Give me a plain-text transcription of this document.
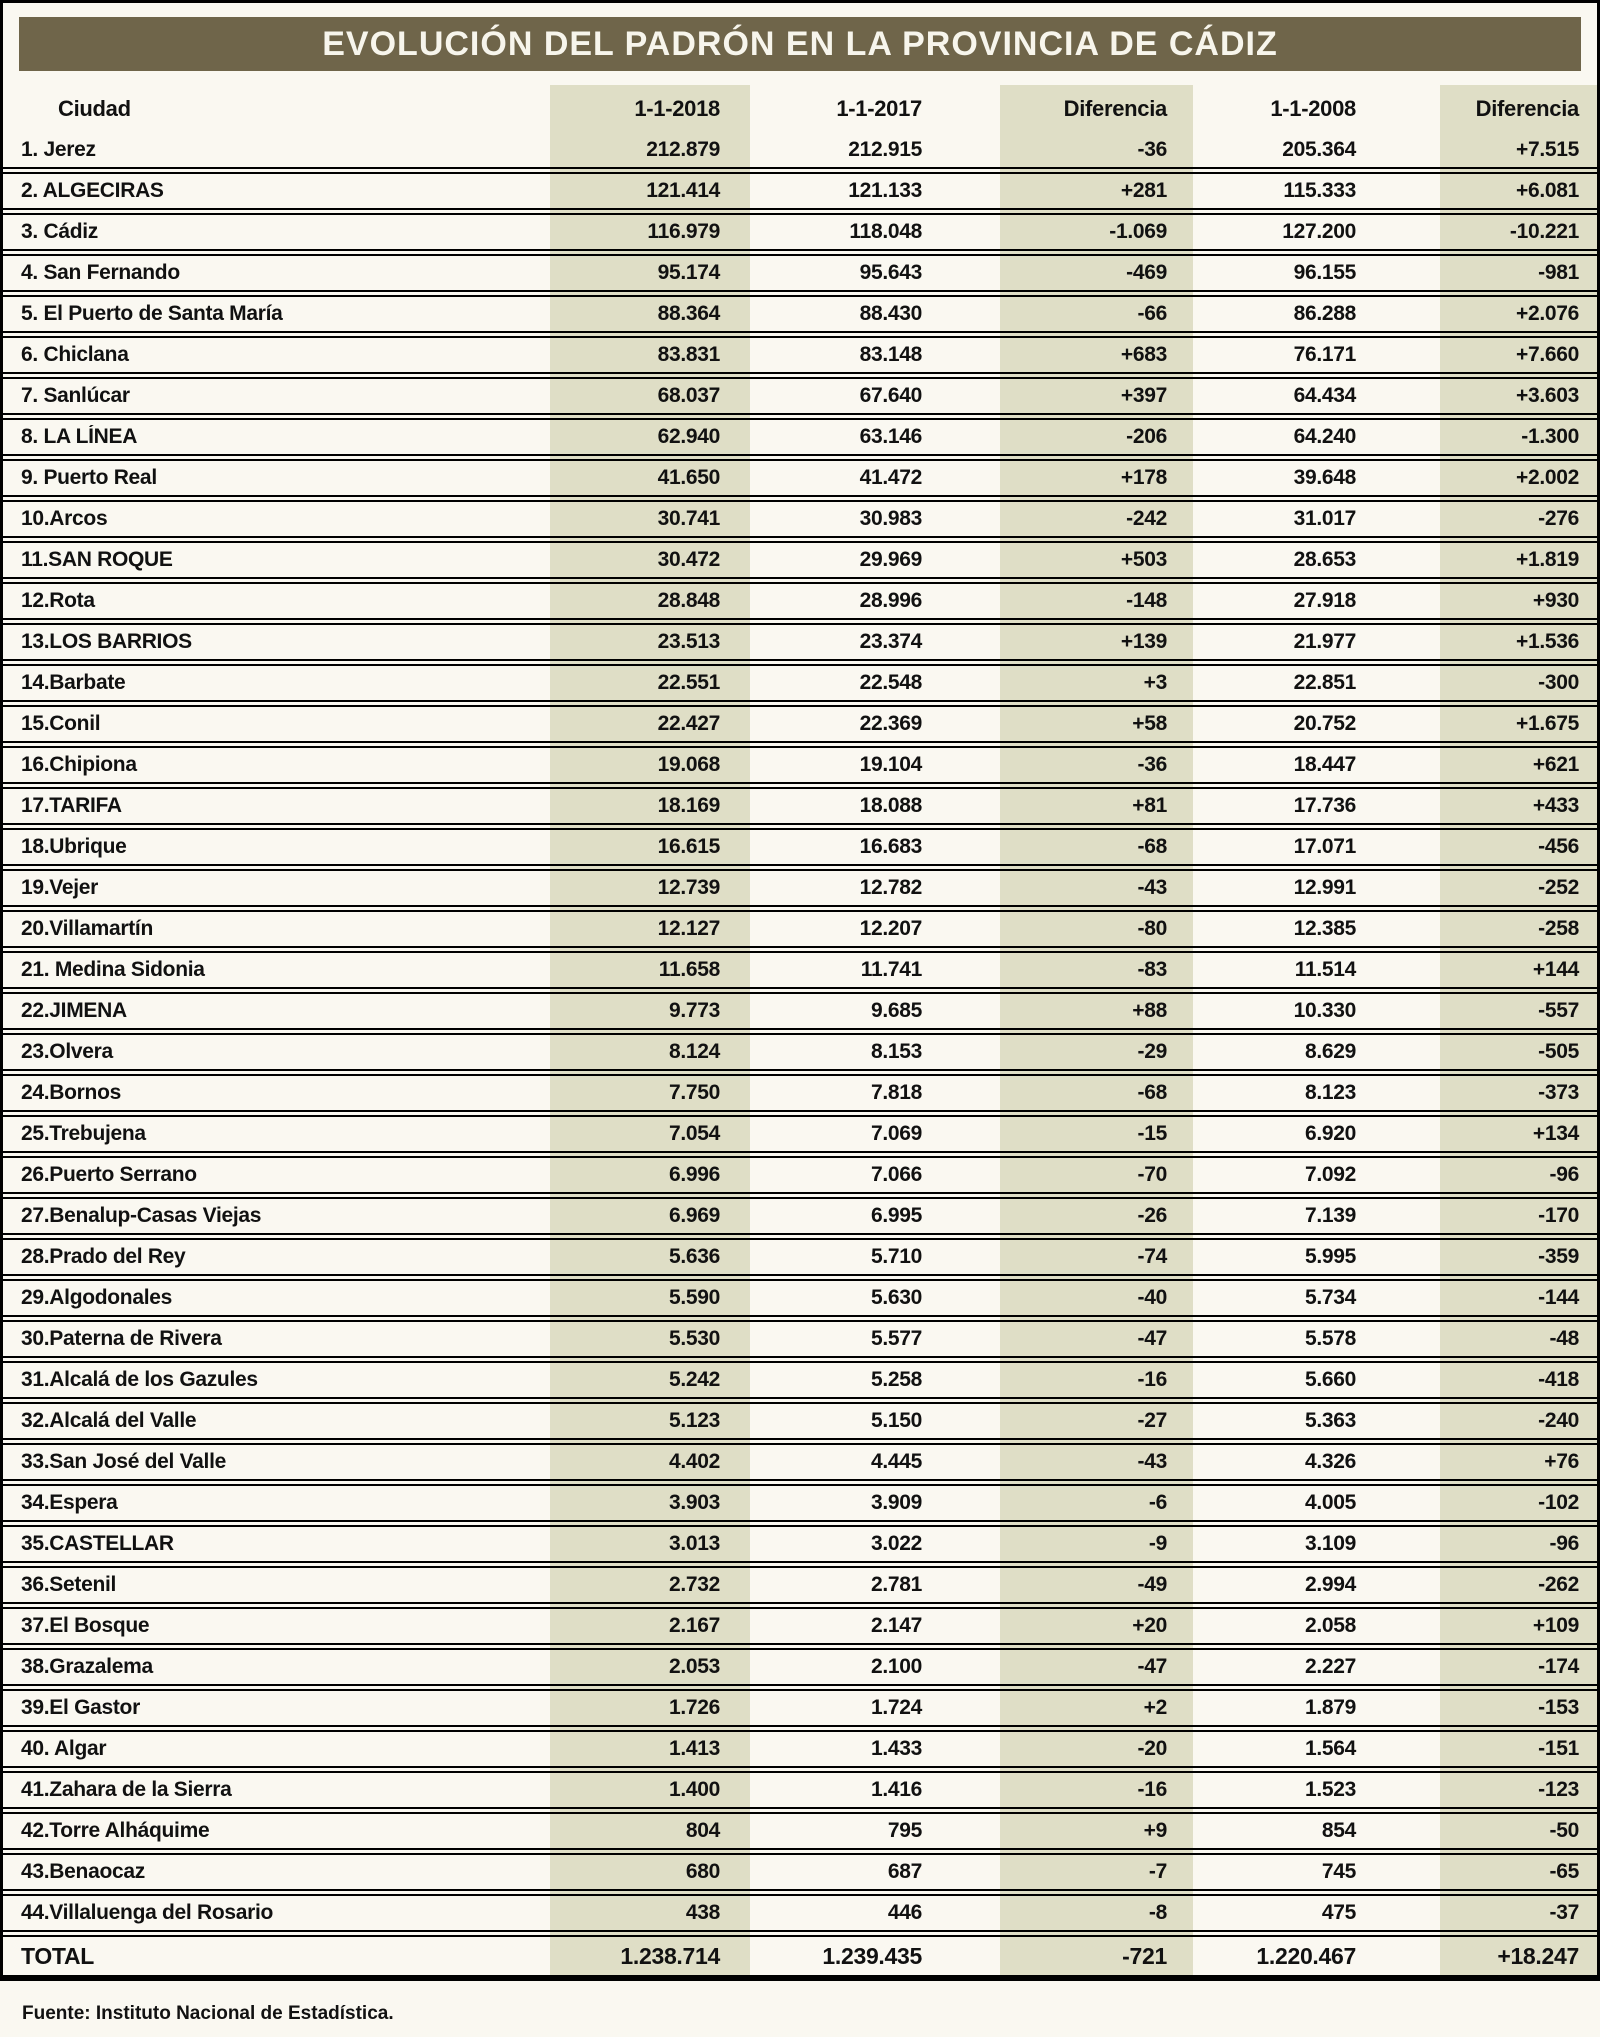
EVOLUCIÓN DEL PADRÓN EN LA PROVINCIA DE CÁDIZ
Ciudad	1-1-2018	1-1-2017	Diferencia	1-1-2008	Diferencia
1. Jerez	212.879	212.915	-36	205.364	+7.515
2. ALGECIRAS	121.414	121.133	+281	115.333	+6.081
3. Cádiz	116.979	118.048	-1.069	127.200	-10.221
4. San Fernando	95.174	95.643	-469	96.155	-981
5. El Puerto de Santa María	88.364	88.430	-66	86.288	+2.076
6. Chiclana	83.831	83.148	+683	76.171	+7.660
7. Sanlúcar	68.037	67.640	+397	64.434	+3.603
8. LA LÍNEA	62.940	63.146	-206	64.240	-1.300
9. Puerto Real	41.650	41.472	+178	39.648	+2.002
10.Arcos	30.741	30.983	-242	31.017	-276
11.SAN ROQUE	30.472	29.969	+503	28.653	+1.819
12.Rota	28.848	28.996	-148	27.918	+930
13.LOS BARRIOS	23.513	23.374	+139	21.977	+1.536
14.Barbate	22.551	22.548	+3	22.851	-300
15.Conil	22.427	22.369	+58	20.752	+1.675
16.Chipiona	19.068	19.104	-36	18.447	+621
17.TARIFA	18.169	18.088	+81	17.736	+433
18.Ubrique	16.615	16.683	-68	17.071	-456
19.Vejer	12.739	12.782	-43	12.991	-252
20.Villamartín	12.127	12.207	-80	12.385	-258
21. Medina Sidonia	11.658	11.741	-83	11.514	+144
22.JIMENA	9.773	9.685	+88	10.330	-557
23.Olvera	8.124	8.153	-29	8.629	-505
24.Bornos	7.750	7.818	-68	8.123	-373
25.Trebujena	7.054	7.069	-15	6.920	+134
26.Puerto Serrano	6.996	7.066	-70	7.092	-96
27.Benalup-Casas Viejas	6.969	6.995	-26	7.139	-170
28.Prado del Rey	5.636	5.710	-74	5.995	-359
29.Algodonales	5.590	5.630	-40	5.734	-144
30.Paterna de Rivera	5.530	5.577	-47	5.578	-48
31.Alcalá de los Gazules	5.242	5.258	-16	5.660	-418
32.Alcalá del Valle	5.123	5.150	-27	5.363	-240
33.San José del Valle	4.402	4.445	-43	4.326	+76
34.Espera	3.903	3.909	-6	4.005	-102
35.CASTELLAR	3.013	3.022	-9	3.109	-96
36.Setenil	2.732	2.781	-49	2.994	-262
37.El Bosque	2.167	2.147	+20	2.058	+109
38.Grazalema	2.053	2.100	-47	2.227	-174
39.El Gastor	1.726	1.724	+2	1.879	-153
40. Algar	1.413	1.433	-20	1.564	-151
41.Zahara de la Sierra	1.400	1.416	-16	1.523	-123
42.Torre Alháquime	804	795	+9	854	-50
43.Benaocaz	680	687	-7	745	-65
44.Villaluenga del Rosario	438	446	-8	475	-37
TOTAL	1.238.714	1.239.435	-721	1.220.467	+18.247
Fuente: Instituto Nacional de Estadística.
